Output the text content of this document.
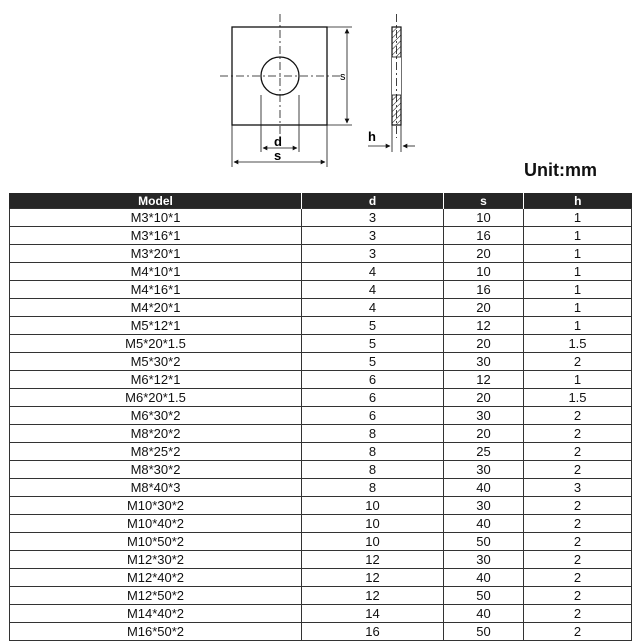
s
d
s
h
Unit:mm
Model	d	s	h
M3*10*1	3	10	1
M3*16*1	3	16	1
M3*20*1	3	20	1
M4*10*1	4	10	1
M4*16*1	4	16	1
M4*20*1	4	20	1
M5*12*1	5	12	1
M5*20*1.5	5	20	1.5
M5*30*2	5	30	2
M6*12*1	6	12	1
M6*20*1.5	6	20	1.5
M6*30*2	6	30	2
M8*20*2	8	20	2
M8*25*2	8	25	2
M8*30*2	8	30	2
M8*40*3	8	40	3
M10*30*2	10	30	2
M10*40*2	10	40	2
M10*50*2	10	50	2
M12*30*2	12	30	2
M12*40*2	12	40	2
M12*50*2	12	50	2
M14*40*2	14	40	2
M16*50*2	16	50	2
